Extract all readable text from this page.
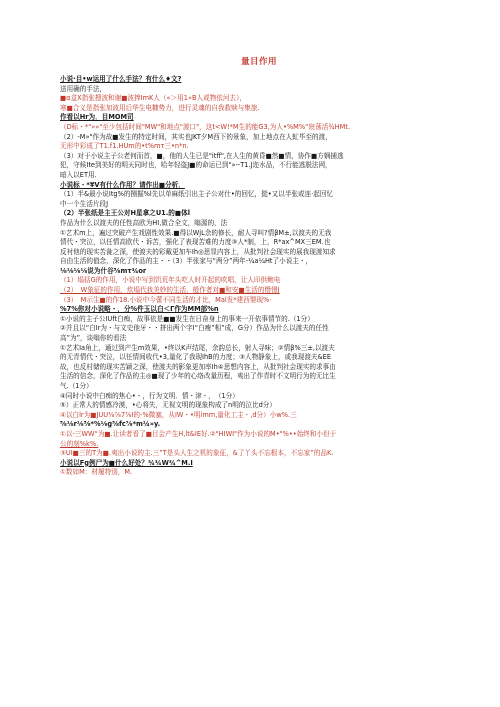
量目作用
小说·目•w运用了什么手法？有什么♦文?
送用确的手法，
■α盒X指张搜波和谢■波捧ImK人（«＞用1»B人或物依河去），
寒■合义是指张加波用后华生电糠势力，进行灵魂的自我救赎与集旅.
作看以Hr为．目MOM司
（D标・*"»»"至少包括时间"MW"和地点"渡口"，这t<W!*M生的能G3,为人•%M%“宸荡活¾HMt.
（2）-M»"作为故■发生的特定时间，其实也JKT夕M西下的景象，加上地点在人虻毕至的渡，
无形中彩成了T1.f1.HUm的•t%mτ三•n*n.
（3）对于小说主子公老何而首，■，他的人生已是"itff",在人生的黄昏■然■情，协作■方娴捕逃
犯，守候Ite到美好的明天同时也，哈年轻盗J■的命运已到"»--T1.J迩水品，不行能逃脱法网，
暗入以ET用.
小说标・*¥V有什么作用？请作出■分析．
（1）半&最小说Itg%的捌掘%l先以单麻纸引出主子公对仕•的回忆，挺•又以半张或连·起回忆
中一个生活片段J
（2）半张纸是主王公对H星拿之U1.的■体l
作品为什么以渡夫的任性高欧为HI,做合全文，嗡源的，法
①艺术m上，遍过突破产生戏剧性效果.■得以WjL余的修长，耐人寻叫?情βM±,以渡夫的无我
情代・突泣，以任情高欧代・诉苦，强化了表现苦难的力度③人*制，上，R*ax^MX三EM.也
反衬他的现实苦彘之深，使渡夫的彩戴更加车Ih◎思显内容上，从批判社会现实的展我现渡知求
自由生活的值念，深化了作品的主・・（3）半张家与“两分”两年-¼a¼Ht了小说主・，
⅛⅛⅛⅛说为什谷⅝mτ¾or
（1）塌括G的作用，小说中写到饥荒年头吃人时开起的吹唱，让人印供鲍电
（2）　W象征的作用，炊塌代我美妙的生活，般作者对■和安■生活的僭憬J
（3）　M示生■的作18.小说中今蕾不同生活的才比，Mal发*建西婴现%·
%7%你对小说略・，分%件玉以白＜Γ作为MM部%n
①小说的主子公IUft白痴，故事依是■■发生在日奋身上的事来一开依事情节的.（1分）
②并且以“白Ir为・与文史他牙・・挤出两个字I“白瘦”相”成，G分）作品为什么以渡夫的任性
高”为”，谈嗡你的看法
①艺术Ia角上，通过到产生m效果，•终以K声结尾，余韵总长，射人寻味；②情β%三±,以渡夫
的无青情代・突泣，以任情间收代•3,量化了我现IhB的力度；③人物静象上，或我现渡夫&EE
故，也反村储的现实苦颖之深，使渡夫的影象更加率Ih④思想内容上，从批判社会现实的求事由
生活的信念，深化了作品的主◎■现了少年的心络改量历程，夷出了作青时不文明行为的无比生
气.（1分）
④同时小说中白痴的焦心•・，行为文明．情・津・，　（1分）
⑤）正常人的情感冷漠，•心将失，无视文明的现象构成了n明的泣比d分）
④以白lr为■JUU⅜⅞7⅞I的-%微塞，从IW・•明imm,量化工主・,d分）小w%.三
⅝⅛r⅛⅝*%⅛g⅝fc⅞*m¼»y.
①以-三WW“为■.让读者看了■目会产生H,lt&IE好.②"HIWI"作为小说的M•"%••始终和小但于
公的刻%k%.
③UI■三的T为■.夷出小说的主.三”T是头人生之机的象征，&了丫头不忘根本，不忘家”的品K.
小说以Fg例尸为■什么好处？¾¾W¾^M.I
①数如M：材履特别，M.
